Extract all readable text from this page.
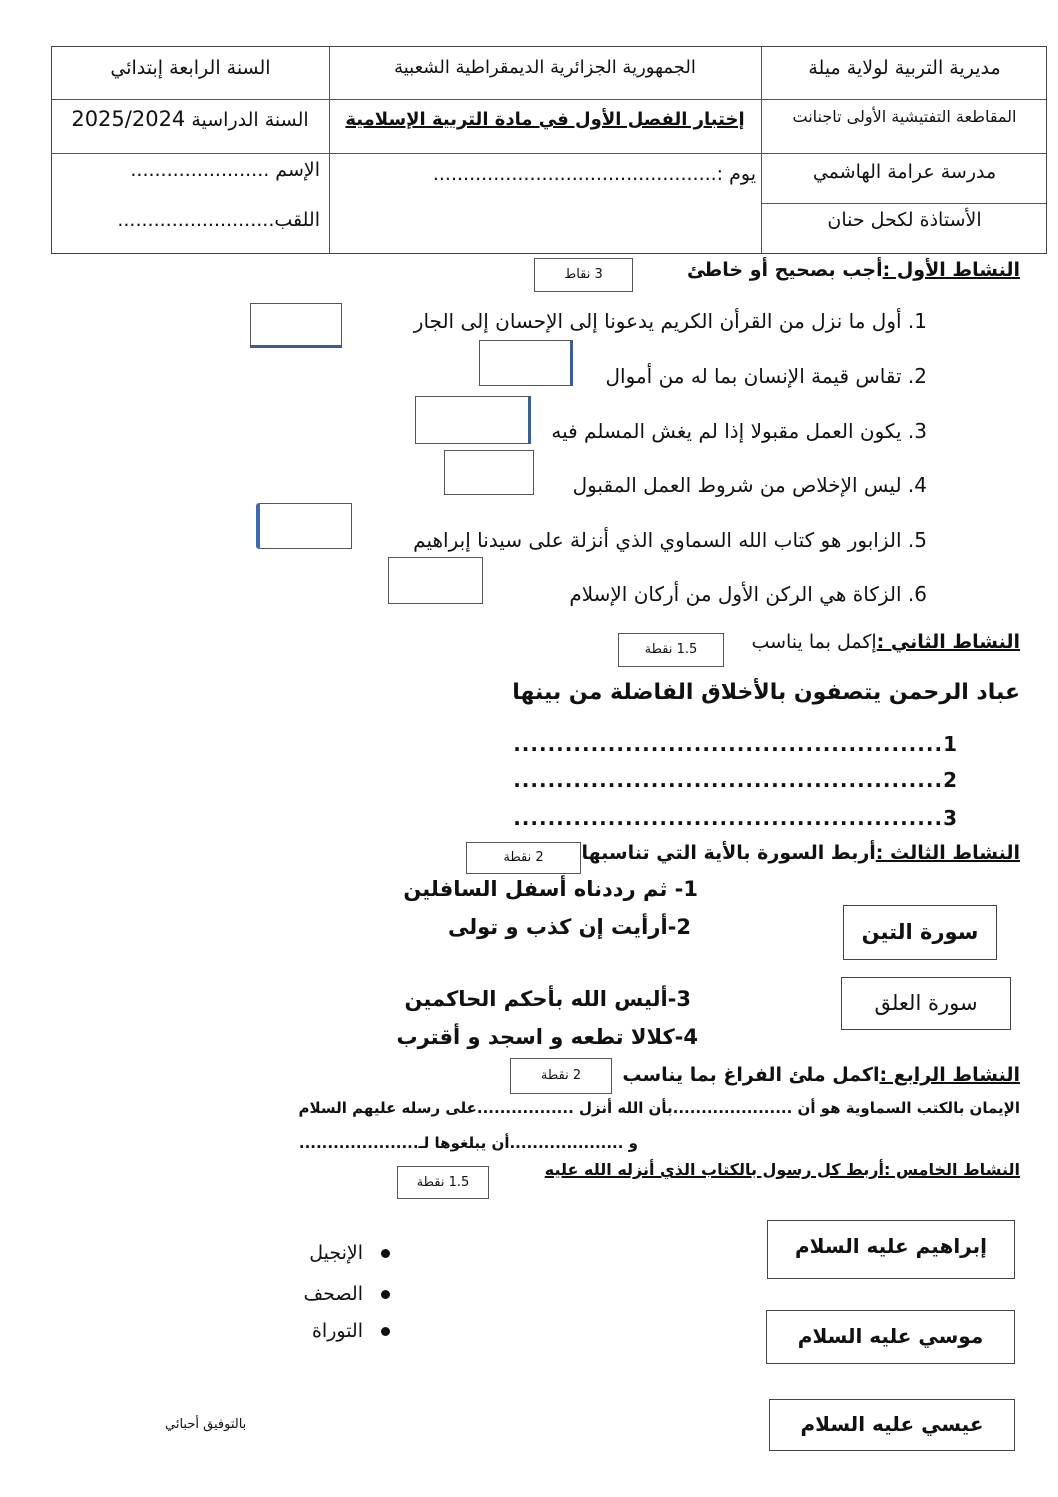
مديرية التربية لولاية ميلة
المقاطعة التفتيشية الأولى تاجنانت
مدرسة عرامة الهاشمي
الأستاذة لكحل حنان
الجمهورية الجزائرية الديمقراطية الشعبية
إختبار الفصل الأول في مادة التربية الإسلامية
يوم :...............................................
السنة الرابعة إبتدائي
السنة الدراسية 2025/2024
الإسم .......................
اللقب..........................
النشاط الأول :أجب بصحيح أو خاطئ
3 نقاط
1. أول ما نزل من القرأن الكريم يدعونا إلى الإحسان إلى الجار
2. تقاس قيمة الإنسان بما له من أموال
3. يكون العمل مقبولا إذا لم يغش المسلم فيه
4. ليس الإخلاص من شروط العمل المقبول
5. الزابور هو كتاب الله السماوي الذي أنزلة على سيدنا إبراهيم
6. الزكاة هي الركن الأول من أركان الإسلام
النشاط الثاني :إكمل بما يناسب
1.5 نقطة
عباد الرحمن يتصفون بالأخلاق الفاضلة من بينها
1..................................................
2..................................................
3..................................................
النشاط الثالث :أربط السورة بالأية التي تناسبها
2 نقطة
1- ثم رددناه أسفل السافلين
2-أرأيت إن كذب و تولى
3-أليس الله بأحكم الحاكمين
4-كلالا تطعه و اسجد و أقترب
سورة التين
سورة العلق
النشاط الرابع :اكمل ملئ الفراغ بما يناسب
2 نقطة
الإيمان بالكتب السماوية هو أن .....................بأن الله أنزل .................على رسله عليهم السلام
و ....................أن يبلغوها لـ.....................
النشاط الخامس :أربط كل رسول بالكتاب الذي أنزله الله عليه
1.5 نقطة
إبراهيم عليه السلام
موسي عليه السلام
عيسي عليه السلام
الإنجيل
الصحف
التوراة
بالتوفيق أحبائي
